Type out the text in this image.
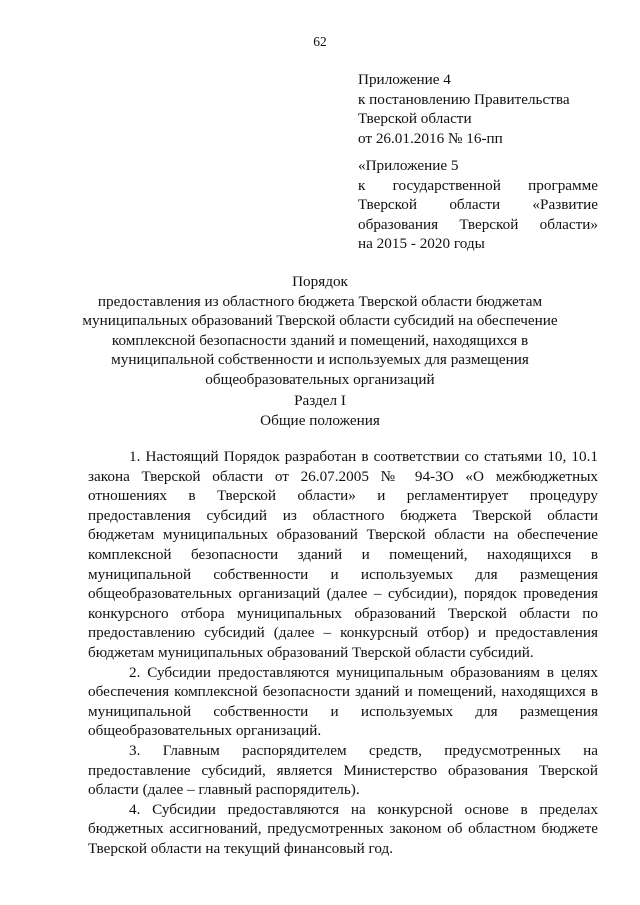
62
Приложение 4
к постановлению Правительства
Тверской области
от 26.01.2016 № 16-пп
«Приложение 5
к государственной программе
Тверской области «Развитие
образования Тверской области»
на 2015 - 2020 годы
Порядок
предоставления из областного бюджета Тверской области бюджетам
муниципальных образований Тверской области субсидий на обеспечение
комплексной безопасности зданий и помещений, находящихся в
муниципальной собственности и используемых для размещения
общеобразовательных организаций
Раздел I
Общие положения
1. Настоящий Порядок разработан в соответствии со статьями 10, 10.1
закона Тверской области от 26.07.2005 № 94-ЗО «О межбюджетных
отношениях в Тверской области» и регламентирует процедуру
предоставления субсидий из областного бюджета Тверской области
бюджетам муниципальных образований Тверской области на обеспечение
комплексной безопасности зданий и помещений, находящихся в
муниципальной собственности и используемых для размещения
общеобразовательных организаций (далее – субсидии), порядок проведения
конкурсного отбора муниципальных образований Тверской области по
предоставлению субсидий (далее – конкурсный отбор) и предоставления
бюджетам муниципальных образований Тверской области субсидий.
2. Субсидии предоставляются муниципальным образованиям в целях
обеспечения комплексной безопасности зданий и помещений, находящихся в
муниципальной собственности и используемых для размещения
общеобразовательных организаций.
3. Главным распорядителем средств, предусмотренных на
предоставление субсидий, является Министерство образования Тверской
области (далее – главный распорядитель).
4. Субсидии предоставляются на конкурсной основе в пределах
бюджетных ассигнований, предусмотренных законом об областном бюджете
Тверской области на текущий финансовый год.
